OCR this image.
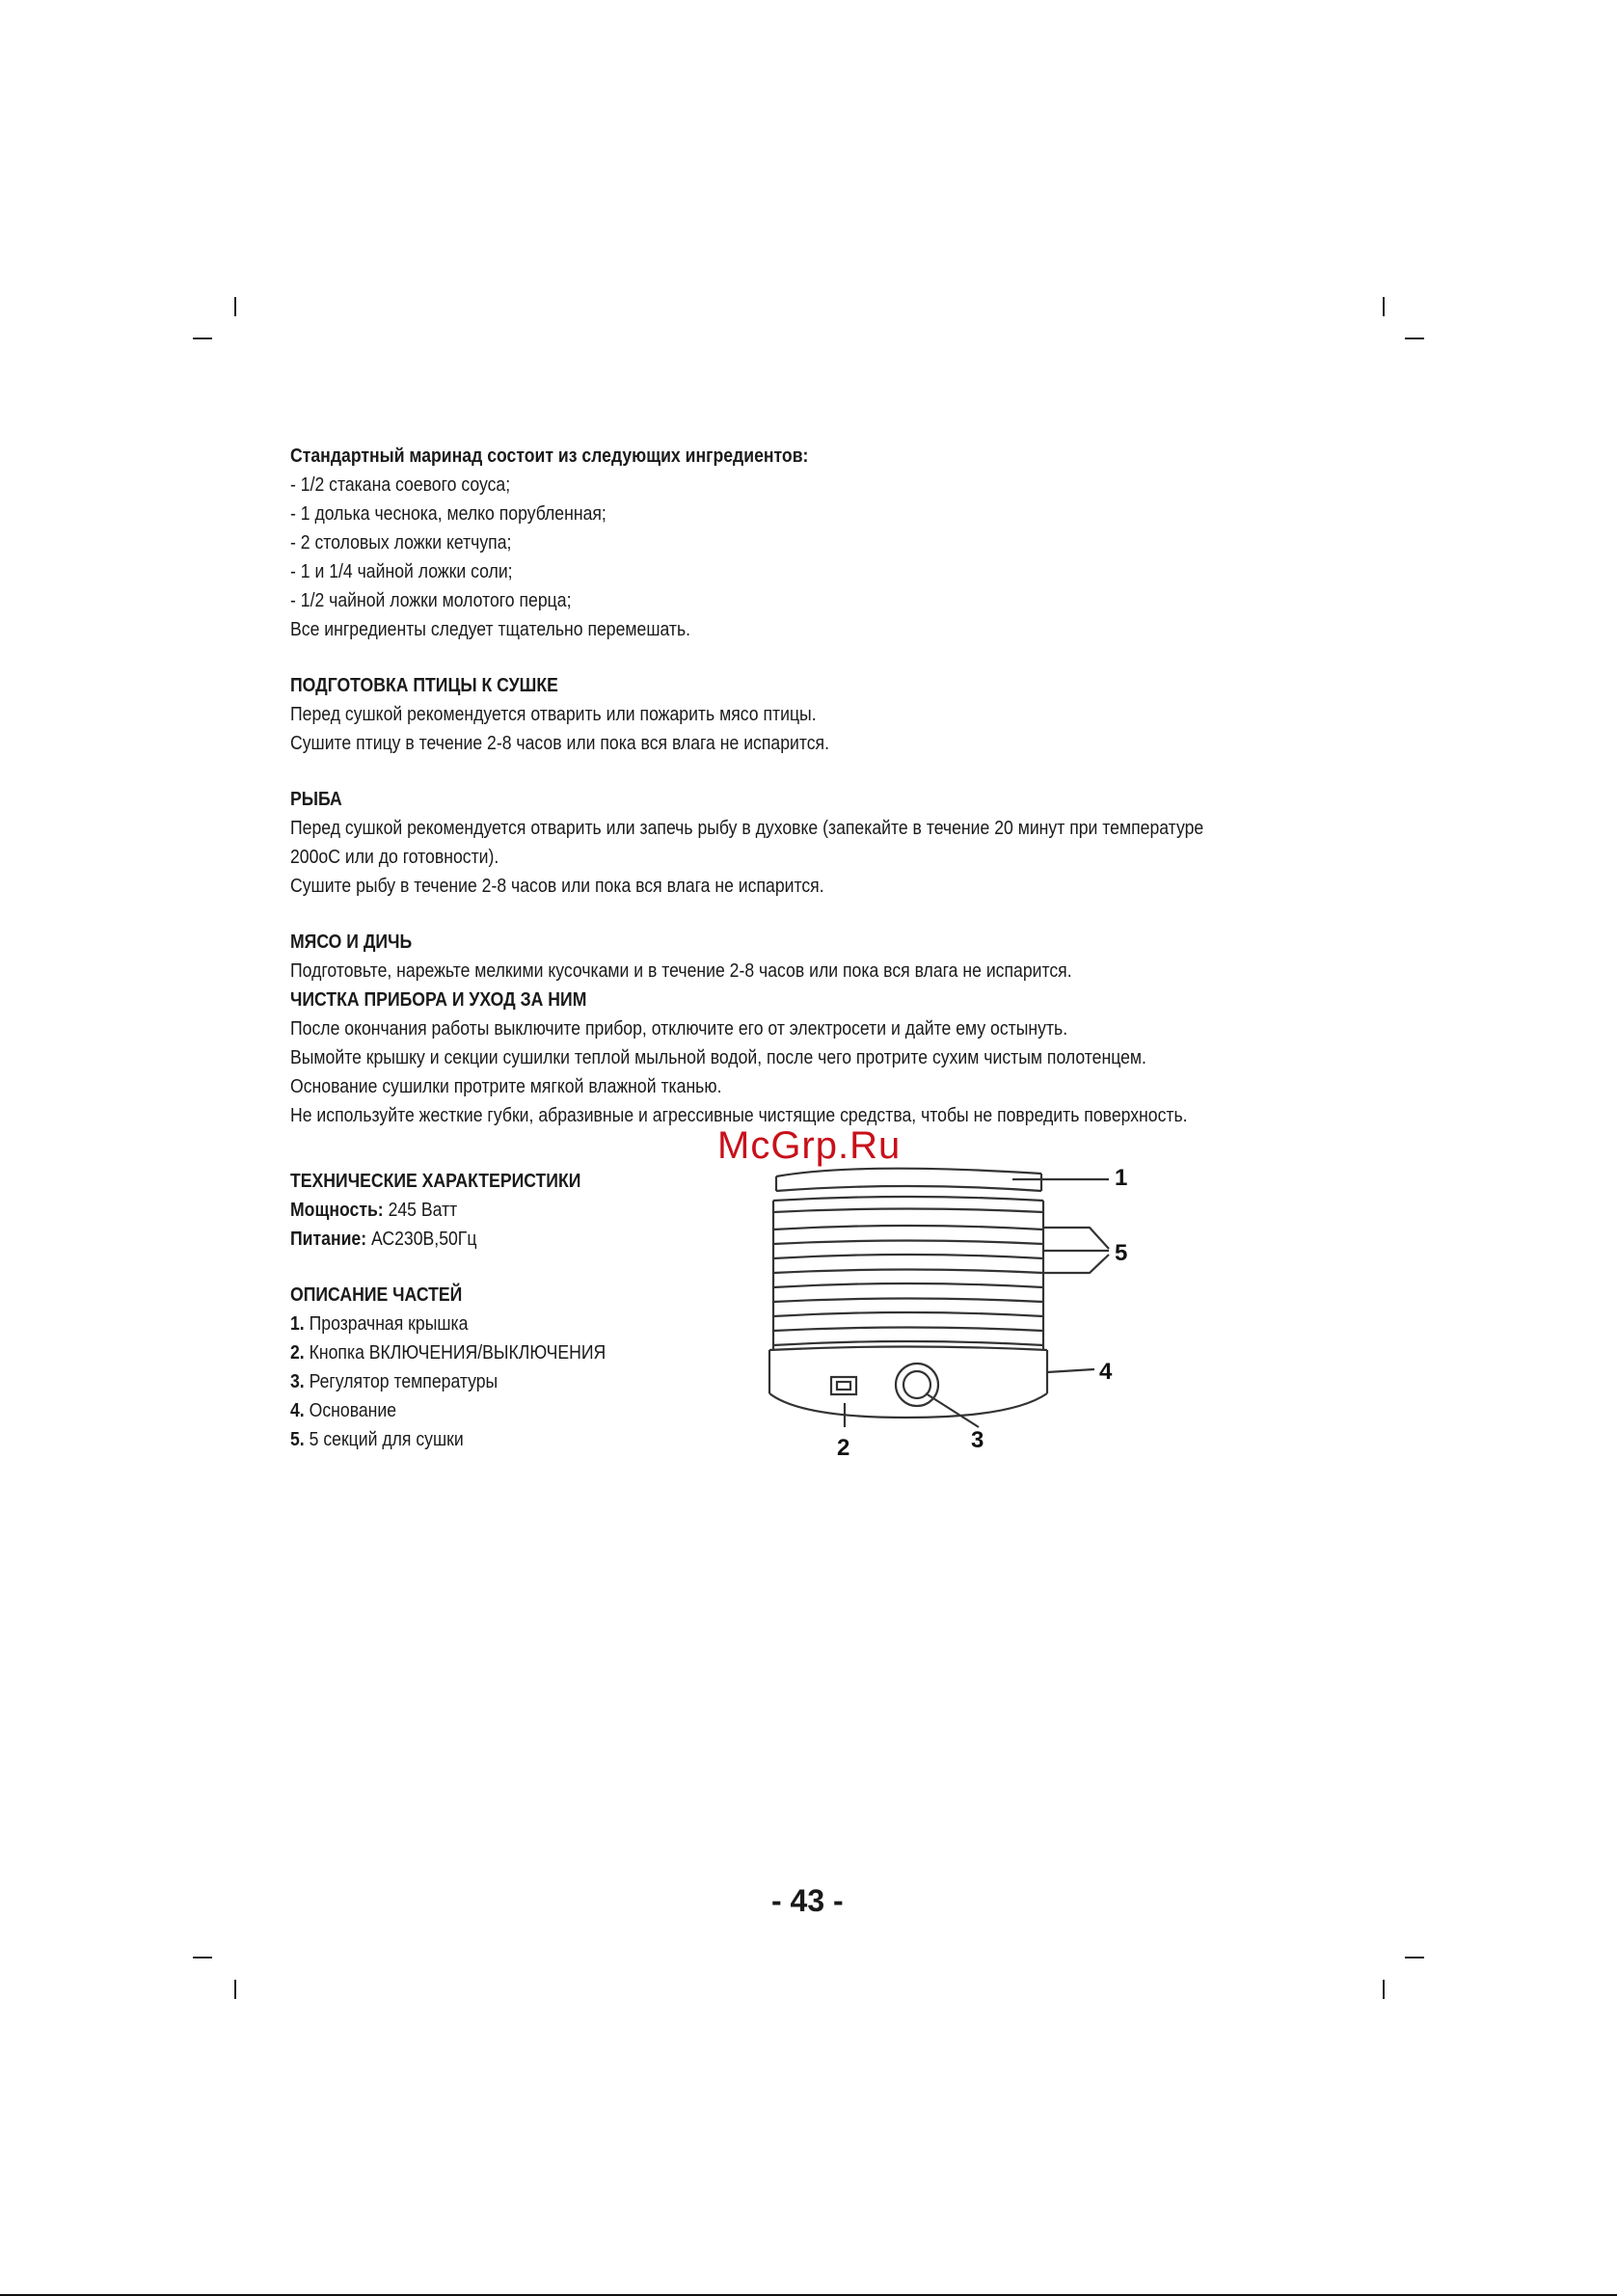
Стандартный маринад состоит из следующих ингредиентов:

- 1/2 стакана соевого соуса;

- 1 долька чеснока, мелко порубленная;

- 2 столовых ложки кетчупа;

- 1 и 1/4 чайной ложки соли;

- 1/2 чайной ложки молотого перца;

Все ингредиенты следует тщательно перемешать.

ПОДГОТОВКА ПТИЦЫ К СУШКЕ

Перед сушкой рекомендуется отварить или пожарить мясо птицы.

Сушите птицу в течение 2-8 часов или пока вся влага не испарится.

РЫБА

Перед сушкой рекомендуется отварить или запечь рыбу в духовке (запекайте в течение 20 минут при температуре

200оС или до готовности).

Сушите рыбу в течение 2-8 часов или пока вся влага не испарится.

МЯСО И ДИЧЬ

Подготовьте, нарежьте мелкими кусочками и в течение 2-8 часов или пока вся влага не испарится.

ЧИСТКА ПРИБОРА И УХОД ЗА НИМ

После окончания работы выключите прибор, отключите его от электросети и дайте ему остынуть.

Вымойте крышку и секции сушилки теплой мыльной водой, после чего протрите сухим чистым полотенцем.

Основание сушилки протрите мягкой влажной тканью.

Не используйте жесткие губки, абразивные и агрессивные чистящие средства, чтобы не повредить поверхность.

ТЕХНИЧЕСКИЕ ХАРАКТЕРИСТИКИ

Мощность: 245 Ватт

Питание: АС230В,50Гц

ОПИСАНИЕ ЧАСТЕЙ

1. Прозрачная крышка

2. Кнопка ВКЛЮЧЕНИЯ/ВЫКЛЮЧЕНИЯ

3. Регулятор температуры

4. Основание

5. 5 секций для сушки

McGrp.Ru
1
5
4
2	3
- 43 -
